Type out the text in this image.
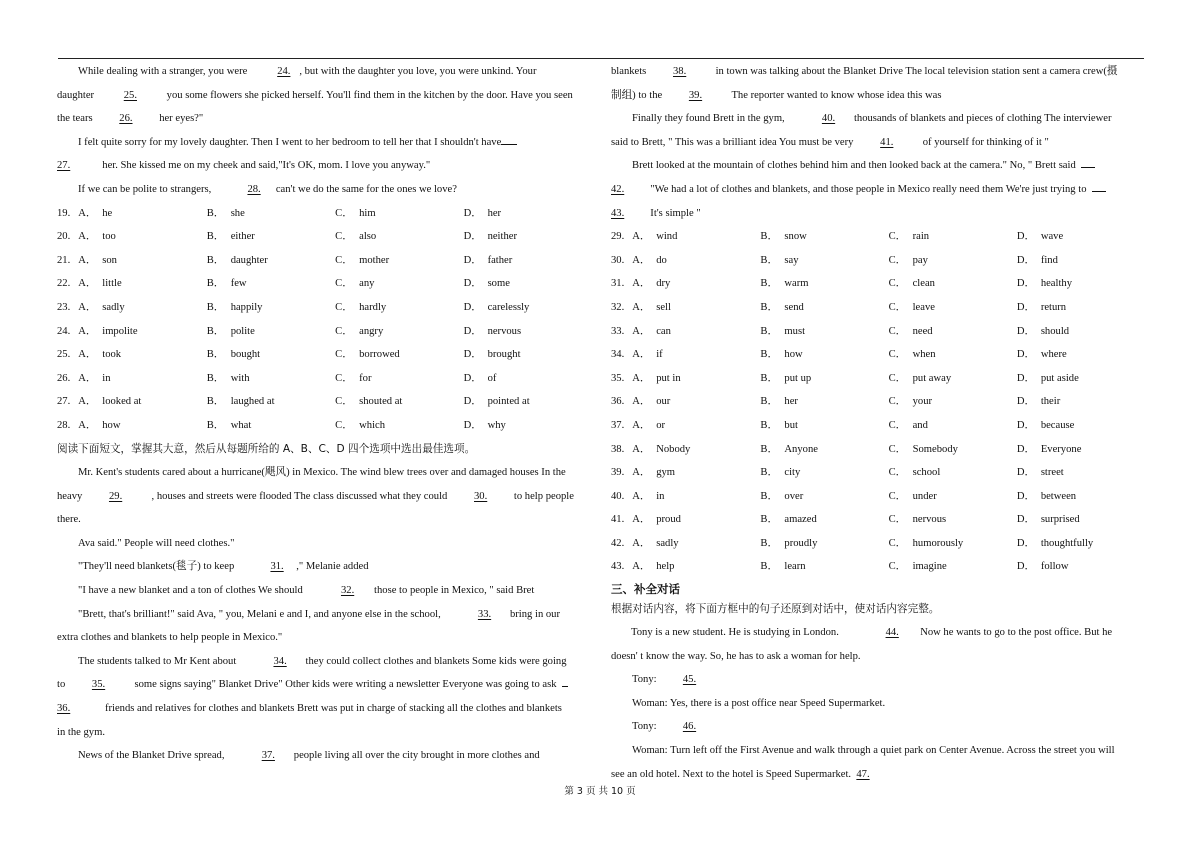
While dealing with a stranger, you were	24. , but with the daughter you love, you were unkind. Your
daughter	25.	you some flowers she picked herself. You'll find them in the kitchen by the door. Have you seen
the tears	26.	her eyes?"
I felt quite sorry for my lovely daughter. Then I went to her bedroom to tell her that I shouldn't have
27.	her. She kissed me on my cheek and said,"It's OK, mom. I love you anyway."
If we can be polite to strangers,	28. can't we do the same for the ones we love?
19. A． he	B． she	C． him	D． her
20. A． too	B． either	C． also	D． neither
21. A． son	B． daughter	C． mother	D． father
22. A． little	B． few	C． any	D． some
23. A． sadly	B． happily	C． hardly	D． carelessly
24. A． impolite	B． polite	C． angry	D． nervous
25. A． took	B． bought	C． borrowed	D． brought
26. A． in	B． with	C． for	D． of
27. A． looked at	B． laughed at	C． shouted at	D． pointed at
28. A． how	B． what	C． which	D． why
阅读下面短文，掌握其大意，然后从每题所给的 A、B、C、D 四个选项中选出最佳选项。
Mr. Kent's students cared about a hurricane(飓风) in Mexico. The wind blew trees over and damaged houses In the
heavy	29.	, houses and streets were flooded The class discussed what they could	30.	to help people
there.
Ava said." People will need clothes."
"They'll need blankets(毯子) to keep	31. ," Melanie added
"I have a new blanket and a ton of clothes We should	32. those to people in Mexico, " said Bret
"Brett, that's brilliant!" said Ava, " you, Melani e and I, and anyone else in the school,	33. bring in our
extra clothes and blankets to help people in Mexico."
The students talked to Mr Kent about	34. they could collect clothes and blankets Some kids were going
to	35.	some signs saying" Blanket Drive" Other kids were writing a newsletter Everyone was going to ask
36.	friends and relatives for clothes and blankets Brett was put in charge of stacking all the clothes and blankets
in the gym.
News of the Blanket Drive spread,	37. people living all over the city brought in more clothes and
blankets	38.	in town was talking about the Blanket Drive The local television station sent a camera crew(摄
制组) to the	39.	The reporter wanted to know whose idea this was
Finally they found Brett in the gym,	40. thousands of blankets and pieces of clothing The interviewer
said to Brett, " This was a brilliant idea You must be very	41.	of yourself for thinking of it "
Brett looked at the mountain of clothes behind him and then looked back at the camera." No, " Brett said
42. "We had a lot of clothes and blankets, and those people in Mexico really need them We're just trying to
43. It's simple "
29. A． wind	B． snow	C． rain	D． wave
30. A． do	B． say	C． pay	D． find
31. A． dry	B． warm	C． clean	D． healthy
32. A． sell	B． send	C． leave	D． return
33. A． can	B． must	C． need	D． should
34. A． if	B． how	C． when	D． where
35. A． put in	B． put up	C． put away	D． put aside
36. A． our	B． her	C． your	D． their
37. A． or	B． but	C． and	D． because
38. A． Nobody	B． Anyone	C． Somebody	D． Everyone
39. A． gym	B． city	C． school	D． street
40. A． in	B． over	C． under	D． between
41. A． proud	B． amazed	C． nervous	D． surprised
42. A． sadly	B． proudly	C． humorously	D． thoughtfully
43. A． help	B． learn	C． imagine	D． follow
三、补全对话
根据对话内容，将下面方框中的句子还原到对话中，使对话内容完整。
Tony is a new student. He is studying in London.	44. Now he wants to go to the post office. But he
doesn' t know the way. So, he has to ask a woman for help.
Tony: 45.
Woman: Yes, there is a post office near Speed Supermarket.
Tony: 46.
Woman: Turn left off the First Avenue and walk through a quiet park on Center Avenue. Across the street you will
see an old hotel. Next to the hotel is Speed Supermarket. 47.
第 3 页 共 10 页
